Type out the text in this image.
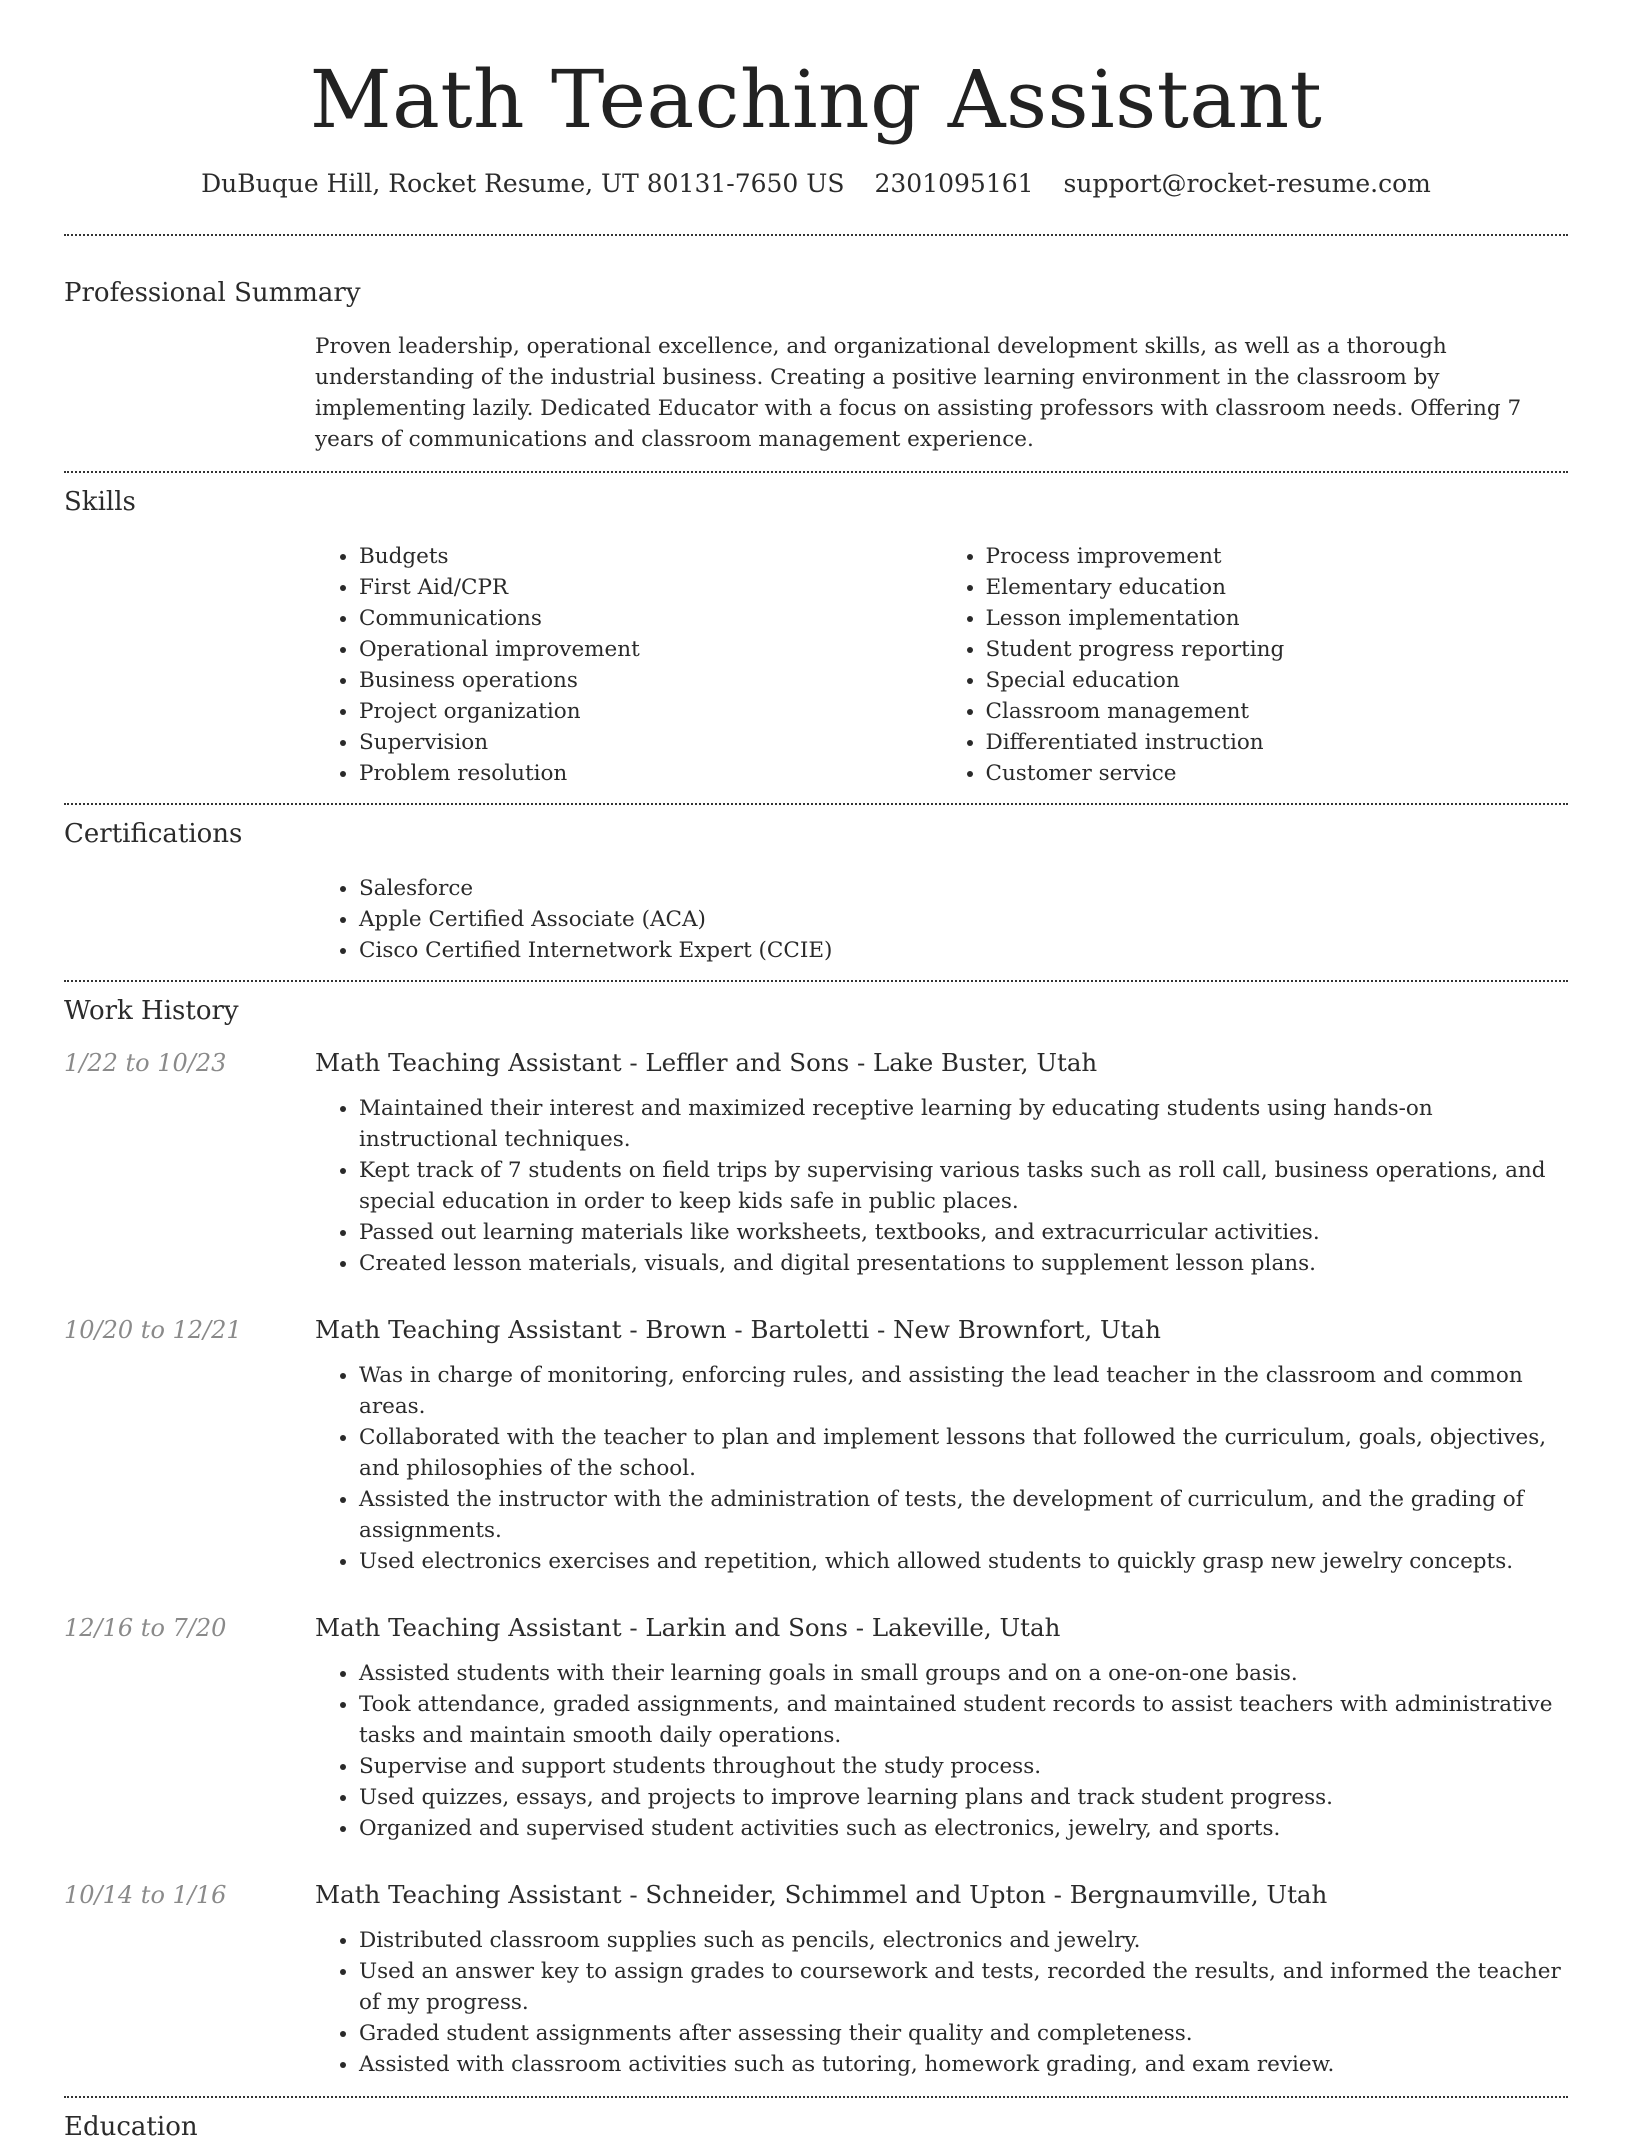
Math Teaching Assistant
DuBuque Hill, Rocket Resume, UT 80131-7650 US 2301095161 support@rocket-resume.com
Professional Summary
Proven leadership, operational excellence, and organizational development skills, as well as a thorough understanding of the industrial business. Creating a positive learning environment in the classroom by implementing lazily. Dedicated Educator with a focus on assisting professors with classroom needs. Offering 7 years of communications and classroom management experience.
Skills
• Budgets
• First Aid/CPR
• Communications
• Operational improvement
• Business operations
• Project organization
• Supervision
• Problem resolution
• Process improvement
• Elementary education
• Lesson implementation
• Student progress reporting
• Special education
• Classroom management
• Differentiated instruction
• Customer service
Certifications
• Salesforce
• Apple Certified Associate (ACA)
• Cisco Certified Internetwork Expert (CCIE)
Work History
1/22 to 10/23	Math Teaching Assistant - Leffler and Sons - Lake Buster, Utah
• Maintained their interest and maximized receptive learning by educating students using hands-on instructional techniques.
• Kept track of 7 students on field trips by supervising various tasks such as roll call, business operations, and special education in order to keep kids safe in public places.
• Passed out learning materials like worksheets, textbooks, and extracurricular activities.
• Created lesson materials, visuals, and digital presentations to supplement lesson plans.
10/20 to 12/21	Math Teaching Assistant - Brown - Bartoletti - New Brownfort, Utah
• Was in charge of monitoring, enforcing rules, and assisting the lead teacher in the classroom and common areas.
• Collaborated with the teacher to plan and implement lessons that followed the curriculum, goals, objectives, and philosophies of the school.
• Assisted the instructor with the administration of tests, the development of curriculum, and the grading of assignments.
• Used electronics exercises and repetition, which allowed students to quickly grasp new jewelry concepts.
12/16 to 7/20	Math Teaching Assistant - Larkin and Sons - Lakeville, Utah
• Assisted students with their learning goals in small groups and on a one-on-one basis.
• Took attendance, graded assignments, and maintained student records to assist teachers with administrative tasks and maintain smooth daily operations.
• Supervise and support students throughout the study process.
• Used quizzes, essays, and projects to improve learning plans and track student progress.
• Organized and supervised student activities such as electronics, jewelry, and sports.
10/14 to 1/16	Math Teaching Assistant - Schneider, Schimmel and Upton - Bergnaumville, Utah
• Distributed classroom supplies such as pencils, electronics and jewelry.
• Used an answer key to assign grades to coursework and tests, recorded the results, and informed the teacher of my progress.
• Graded student assignments after assessing their quality and completeness.
• Assisted with classroom activities such as tutoring, homework grading, and exam review.
Education
